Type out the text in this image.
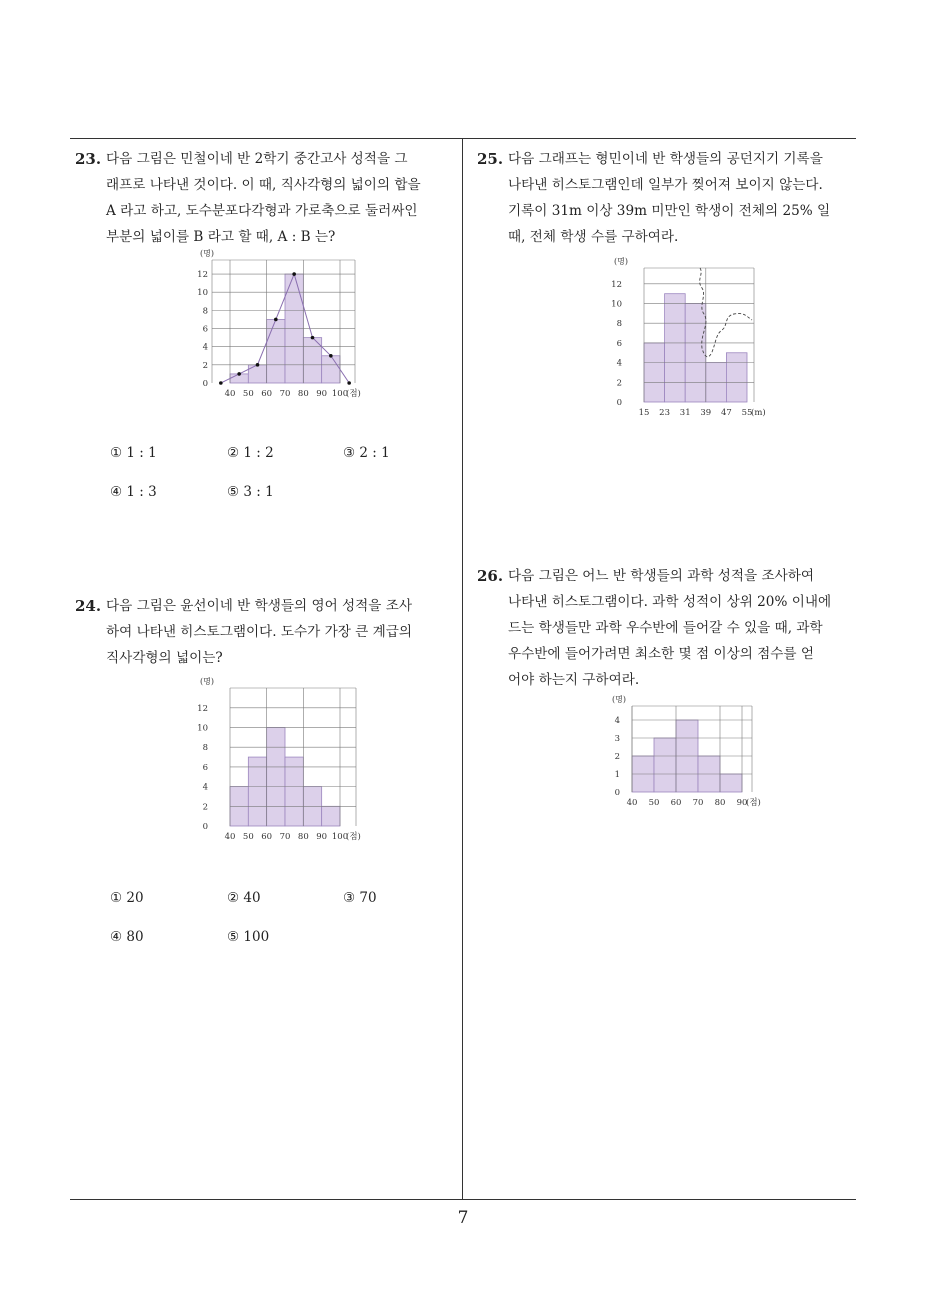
7
23. 다음 그림은 민철이네 반 2학기 중간고사 성적을 그
래프로 나타낸 것이다. 이 때, 직사각형의 넓이의 합을
A 라고 하고, 도수분포다각형과 가로축으로 둘러싸인
부분의 넓이를 B 라고 할 때, A : B 는?
0
2
4
6
8
10
12
40 50 60 70 80 90 100
(점)
(명)
① 1 : 1	② 1 : 2	③ 2 : 1
④ 1 : 3	⑤ 3 : 1
24. 다음 그림은 윤선이네 반 학생들의 영어 성적을 조사
하여 나타낸 히스토그램이다. 도수가 가장 큰 계급의
직사각형의 넓이는?
0
2
4
6
8
10
12
40 50 60 70 80 90 100
(점)
(명)
① 20	② 40	③ 70
④ 80	⑤ 100
25. 다음 그래프는 형민이네 반 학생들의 공던지기 기록을
나타낸 히스토그램인데 일부가 찢어져 보이지 않는다.
기록이 31m 이상 39m 미만인 학생이 전체의 25% 일
때, 전체 학생 수를 구하여라.
0
2
4
6
8
10
12
15 23 31 39 47 55
(m)
(명)
26. 다음 그림은 어느 반 학생들의 과학 성적을 조사하여
나타낸 히스토그램이다. 과학 성적이 상위 20% 이내에
드는 학생들만 과학 우수반에 들어갈 수 있을 때, 과학
우수반에 들어가려면 최소한 몇 점 이상의 점수를 얻
어야 하는지 구하여라.
0
1
2
3
4
40 50 60 70 80 90
(점)
(명)
